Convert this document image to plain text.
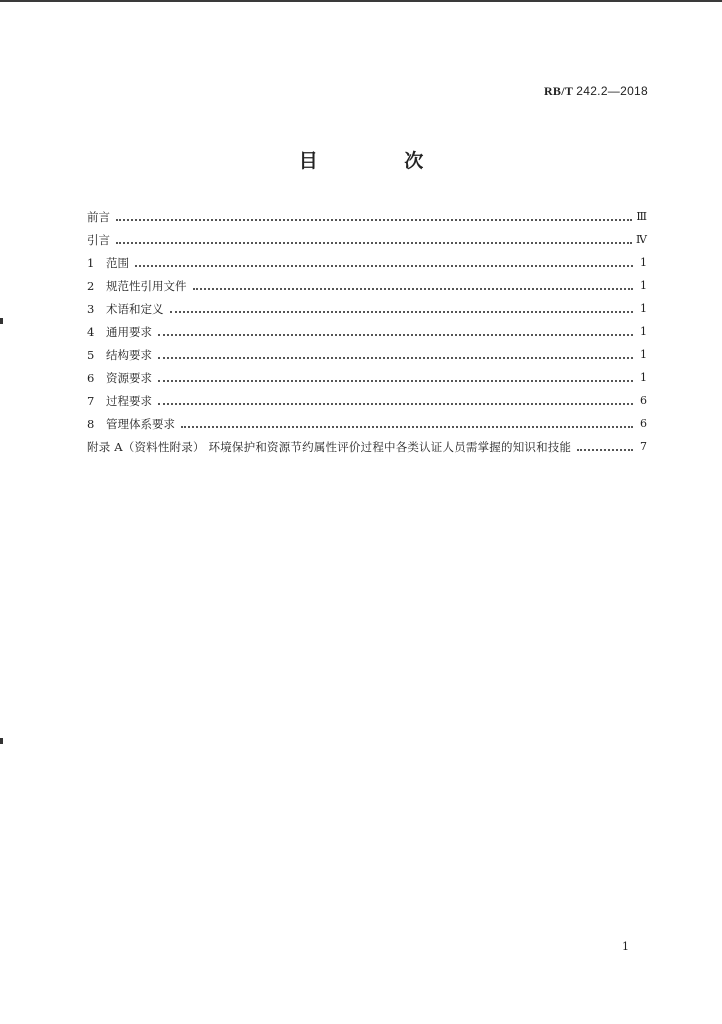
RB/T 242.2—2018
目 次
前言	Ⅲ
引言	Ⅳ
1	范围	1
2	规范性引用文件	1
3	术语和定义	1
4	通用要求	1
5	结构要求	1
6	资源要求	1
7	过程要求	6
8	管理体系要求	6
附录 A（资料性附录） 环境保护和资源节约属性评价过程中各类认证人员需掌握的知识和技能	7
1
